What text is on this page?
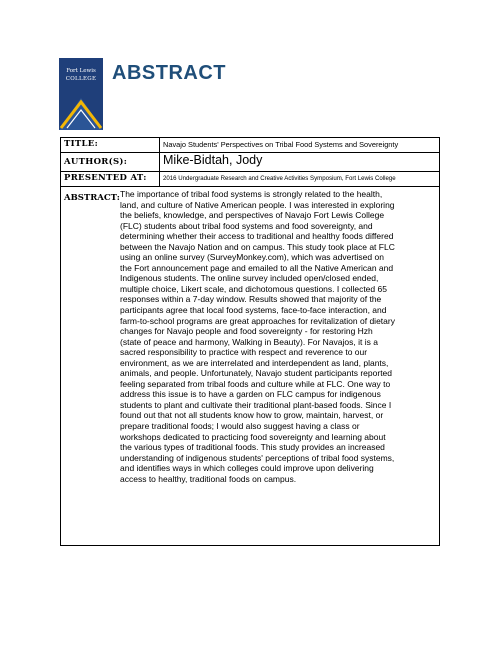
Fort Lewis
COLLEGE ABSTRACT
TITLE:	Navajo Students' Perspectives on Tribal Food Systems and Sovereignty
AUTHOR(S):	Mike-Bidtah, Jody
PRESENTED AT:	2016 Undergraduate Research and Creative Activities Symposium, Fort Lewis College
ABSTRACT: The importance of tribal food systems is strongly related to the health,
land, and culture of Native American people. I was interested in exploring
the beliefs, knowledge, and perspectives of Navajo Fort Lewis College
(FLC) students about tribal food systems and food sovereignty, and
determining whether their access to traditional and healthy foods differed
between the Navajo Nation and on campus. This study took place at FLC
using an online survey (SurveyMonkey.com), which was advertised on
the Fort announcement page and emailed to all the Native American and
Indigenous students. The online survey included open/closed ended,
multiple choice, Likert scale, and dichotomous questions. I collected 65
responses within a 7-day window. Results showed that majority of the
participants agree that local food systems, face-to-face interaction, and
farm-to-school programs are great approaches for revitalization of dietary
changes for Navajo people and food sovereignty - for restoring Hzh
(state of peace and harmony, Walking in Beauty). For Navajos, it is a
sacred responsibility to practice with respect and reverence to our
environment, as we are interrelated and interdependent as land, plants,
animals, and people. Unfortunately, Navajo student participants reported
feeling separated from tribal foods and culture while at FLC. One way to
address this issue is to have a garden on FLC campus for indigenous
students to plant and cultivate their traditional plant-based foods. Since I
found out that not all students know how to grow, maintain, harvest, or
prepare traditional foods; I would also suggest having a class or
workshops dedicated to practicing food sovereignty and learning about
the various types of traditional foods. This study provides an increased
understanding of indigenous students' perceptions of tribal food systems,
and identifies ways in which colleges could improve upon delivering
access to healthy, traditional foods on campus.
